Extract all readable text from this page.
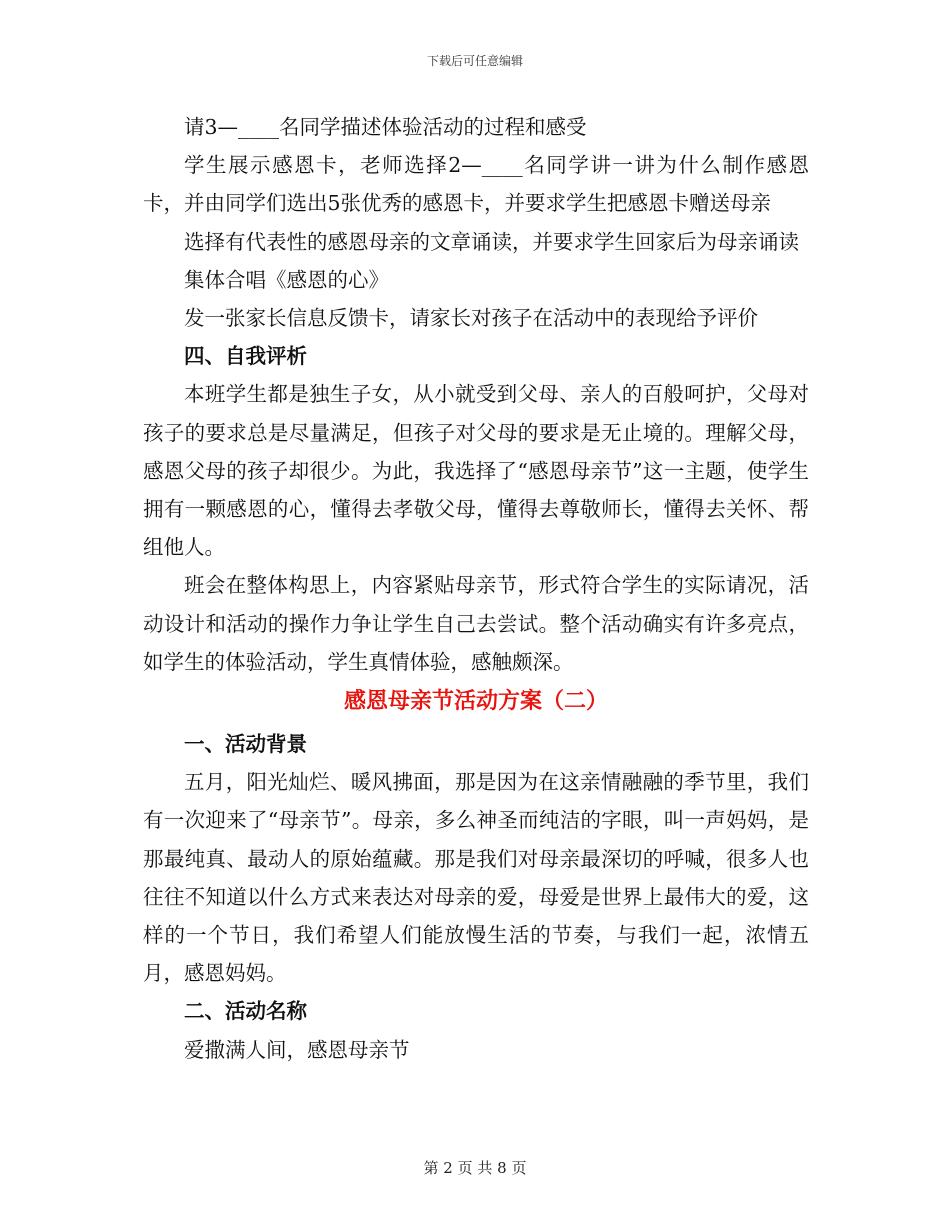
下载后可任意编辑

请3—____名同学描述体验活动的过程和感受

学生展示感恩卡，老师选择2—____名同学讲一讲为什么制作感恩卡，并由同学们选出5张优秀的感恩卡，并要求学生把感恩卡赠送母亲

选择有代表性的感恩母亲的文章诵读，并要求学生回家后为母亲诵读

集体合唱《感恩的心》

发一张家长信息反馈卡，请家长对孩子在活动中的表现给予评价

四、自我评析

本班学生都是独生子女，从小就受到父母、亲人的百般呵护，父母对孩子的要求总是尽量满足，但孩子对父母的要求是无止境的。理解父母，感恩父母的孩子却很少。为此，我选择了“感恩母亲节”这一主题，使学生拥有一颗感恩的心，懂得去孝敬父母，懂得去尊敬师长，懂得去关怀、帮组他人。

班会在整体构思上，内容紧贴母亲节，形式符合学生的实际请况，活动设计和活动的操作力争让学生自己去尝试。整个活动确实有许多亮点，如学生的体验活动，学生真情体验，感触颇深。

感恩母亲节活动方案（二）

一、活动背景

五月，阳光灿烂、暖风拂面，那是因为在这亲情融融的季节里，我们有一次迎来了“母亲节”。母亲，多么神圣而纯洁的字眼，叫一声妈妈，是那最纯真、最动人的原始蕴藏。那是我们对母亲最深切的呼喊，很多人也往往不知道以什么方式来表达对母亲的爱，母爱是世界上最伟大的爱，这样的一个节日，我们希望人们能放慢生活的节奏，与我们一起，浓情五月，感恩妈妈。

二、活动名称

爱撒满人间，感恩母亲节

第 2 页 共 8 页
